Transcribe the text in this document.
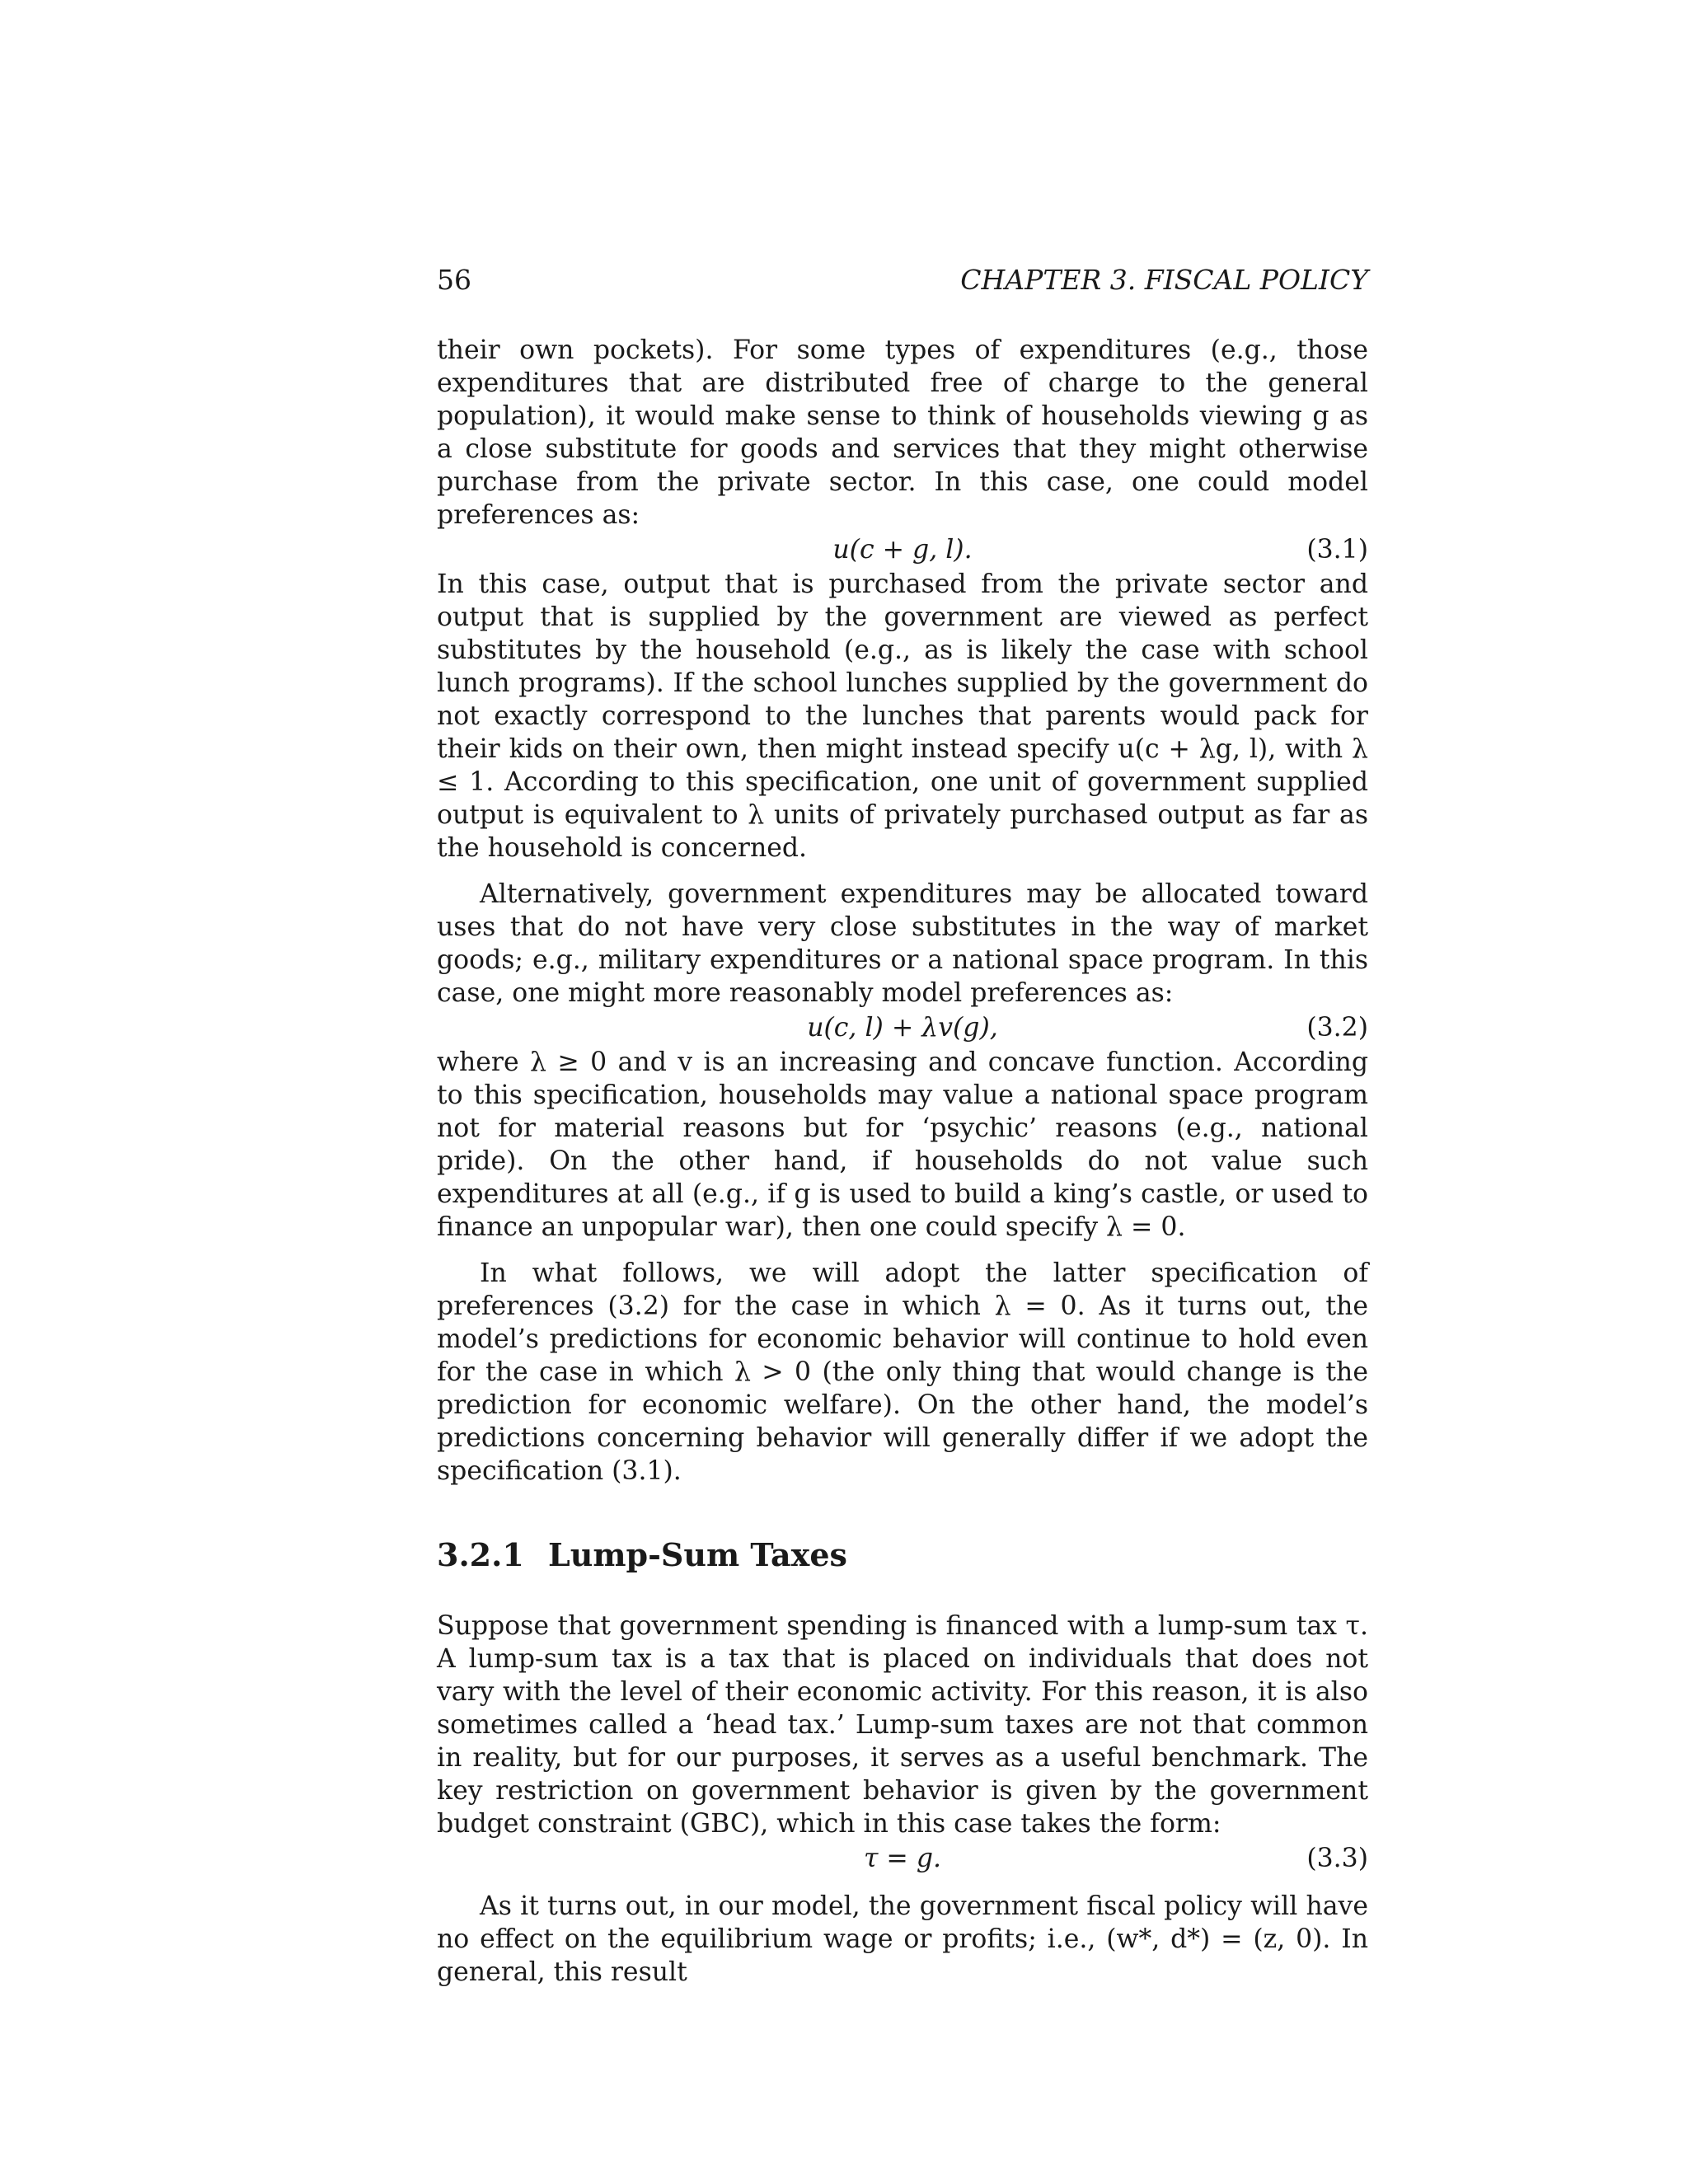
56	CHAPTER 3. FISCAL POLICY

their own pockets). For some types of expenditures (e.g., those expenditures that are distributed free of charge to the general population), it would make sense to think of households viewing g as a close substitute for goods and services that they might otherwise purchase from the private sector. In this case, one could model preferences as:

u(c + g, l).	(3.1)

In this case, output that is purchased from the private sector and output that is supplied by the government are viewed as perfect substitutes by the household (e.g., as is likely the case with school lunch programs). If the school lunches supplied by the government do not exactly correspond to the lunches that parents would pack for their kids on their own, then might instead specify u(c + λg, l), with λ ≤ 1. According to this specification, one unit of government supplied output is equivalent to λ units of privately purchased output as far as the household is concerned.

Alternatively, government expenditures may be allocated toward uses that do not have very close substitutes in the way of market goods; e.g., military expenditures or a national space program. In this case, one might more reasonably model preferences as:

u(c, l) + λv(g),	(3.2)

where λ ≥ 0 and v is an increasing and concave function. According to this specification, households may value a national space program not for material reasons but for ‘psychic’ reasons (e.g., national pride). On the other hand, if households do not value such expenditures at all (e.g., if g is used to build a king’s castle, or used to finance an unpopular war), then one could specify λ = 0.

In what follows, we will adopt the latter specification of preferences (3.2) for the case in which λ = 0. As it turns out, the model’s predictions for economic behavior will continue to hold even for the case in which λ > 0 (the only thing that would change is the prediction for economic welfare). On the other hand, the model’s predictions concerning behavior will generally differ if we adopt the specification (3.1).

3.2.1 Lump-Sum Taxes

Suppose that government spending is financed with a lump-sum tax τ. A lump-sum tax is a tax that is placed on individuals that does not vary with the level of their economic activity. For this reason, it is also sometimes called a ‘head tax.’ Lump-sum taxes are not that common in reality, but for our purposes, it serves as a useful benchmark. The key restriction on government behavior is given by the government budget constraint (GBC), which in this case takes the form:

τ = g.	(3.3)

As it turns out, in our model, the government fiscal policy will have no effect on the equilibrium wage or profits; i.e., (w*, d*) = (z, 0). In general, this result
